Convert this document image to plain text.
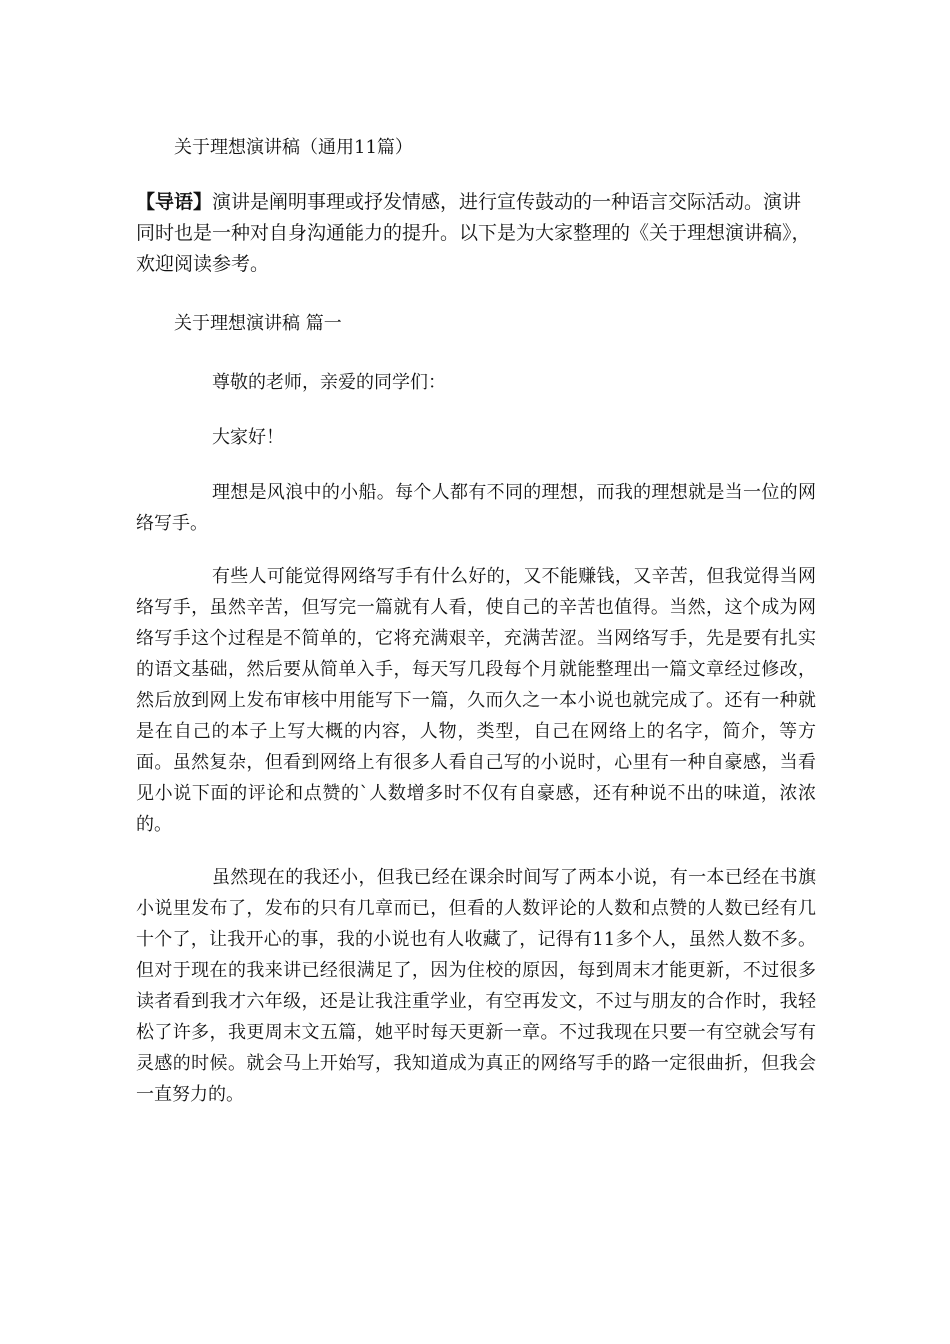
关于理想演讲稿（通用11篇）

【导语】演讲是阐明事理或抒发情感，进行宣传鼓动的一种语言交际活动。演讲同时也是一种对自身沟通能力的提升。以下是为大家整理的《关于理想演讲稿》，欢迎阅读参考。

关于理想演讲稿 篇一

尊敬的老师，亲爱的同学们：

大家好！

理想是风浪中的小船。每个人都有不同的理想，而我的理想就是当一位的网络写手。

有些人可能觉得网络写手有什么好的，又不能赚钱，又辛苦，但我觉得当网络写手，虽然辛苦，但写完一篇就有人看，使自己的辛苦也值得。当然，这个成为网络写手这个过程是不简单的，它将充满艰辛，充满苦涩。当网络写手，先是要有扎实的语文基础，然后要从简单入手，每天写几段每个月就能整理出一篇文章经过修改，然后放到网上发布审核中用能写下一篇，久而久之一本小说也就完成了。还有一种就是在自己的本子上写大概的内容，人物，类型，自己在网络上的名字，简介，等方面。虽然复杂，但看到网络上有很多人看自己写的小说时，心里有一种自豪感，当看见小说下面的评论和点赞的`人数增多时不仅有自豪感，还有种说不出的味道，浓浓的。

虽然现在的我还小，但我已经在课余时间写了两本小说，有一本已经在书旗小说里发布了，发布的只有几章而已，但看的人数评论的人数和点赞的人数已经有几十个了，让我开心的事，我的小说也有人收藏了，记得有11多个人，虽然人数不多。但对于现在的我来讲已经很满足了，因为住校的原因，每到周末才能更新，不过很多读者看到我才六年级，还是让我注重学业，有空再发文，不过与朋友的合作时，我轻松了许多，我更周末文五篇，她平时每天更新一章。不过我现在只要一有空就会写有灵感的时候。就会马上开始写，我知道成为真正的网络写手的路一定很曲折，但我会一直努力的。
